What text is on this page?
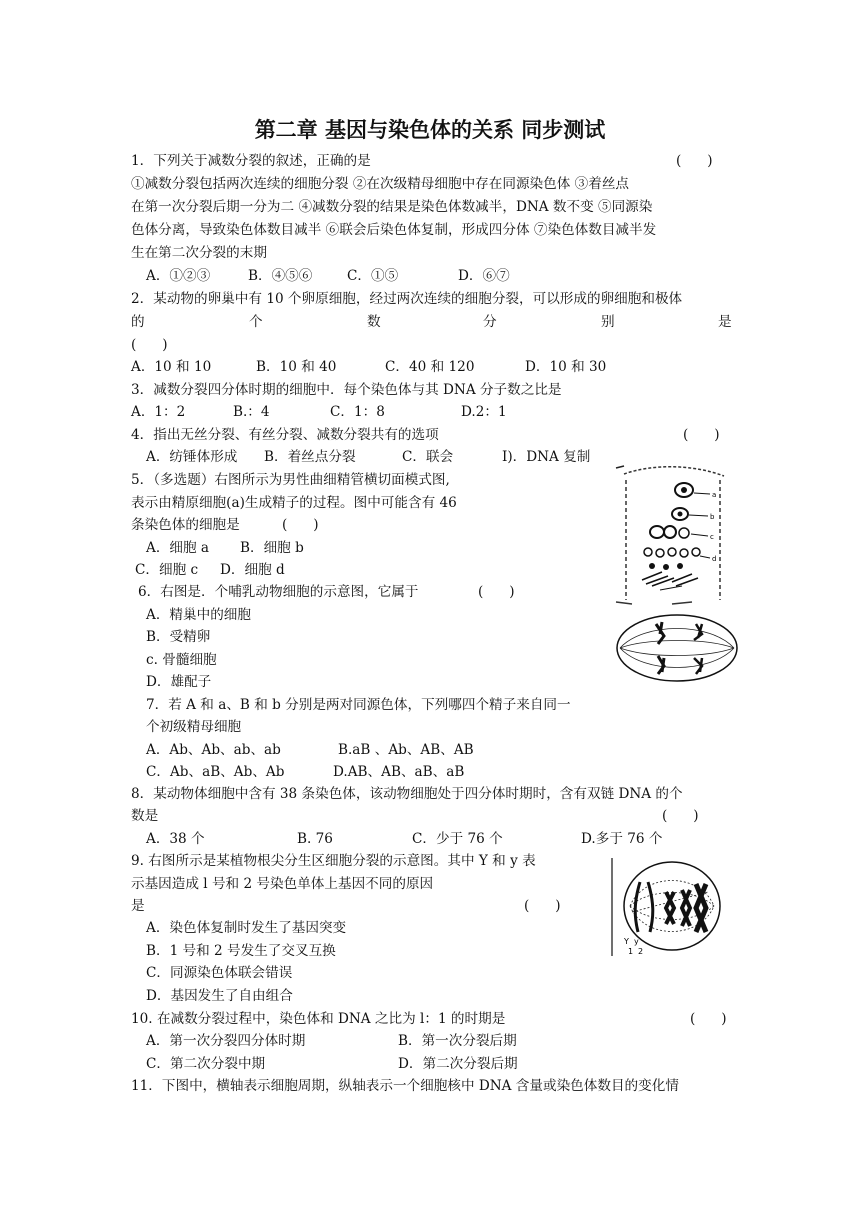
第二章 基因与染色体的关系 同步测试
1．下列关于减数分裂的叙述，正确的是	(      )
①减数分裂包括两次连续的细胞分裂 ②在次级精母细胞中存在同源染色体 ③着丝点
在第一次分裂后期一分为二 ④减数分裂的结果是染色体数减半，DNA 数不变 ⑤同源染
色体分离，导致染色体数目减半 ⑥联会后染色体复制，形成四分体 ⑦染色体数目减半发
生在第二次分裂的末期
A．①②③	B．④⑤⑥	C．①⑤	D．⑥⑦
2．某动物的卵巢中有 10 个卵原细胞，经过两次连续的细胞分裂，可以形成的卵细胞和极体
的	个	数	分	别	是
(      )
A．10 和 10	B．10 和 40	C．40 和 120	D．10 和 30
3．减数分裂四分体时期的细胞中．每个染色体与其 DNA 分子数之比是
A．1：2	B.：4	C．1：8	D.2：1
4．指出无丝分裂、有丝分裂、减数分裂共有的选项	(      )
A．纺锤体形成 B．着丝点分裂	C．联会	I)．DNA 复制
5．（多选题）右图所示为男性曲细精管横切面模式图,
表示由精原细胞(a)生成精子的过程。图中可能含有 46
条染色体的细胞是	(      )
A．细胞 a B．细胞 b
C．细胞 c D．细胞 d
a
b
c
d
6．右图是．个哺乳动物细胞的示意图，它属于	(      )
A．精巢中的细胞
B．受精卵
c. 骨髓细胞
D．雄配子
7．若 A 和 a、B 和 b 分别是两对同源色体，下列哪四个精子来自同一
个初级精母细胞
A．Ab、Ab、ab、ab	B.aB 、Ab、AB、AB
C．Ab、aB、Ab、Ab	D.AB、AB、aB、aB
8．某动物体细胞中含有 38 条染色体，该动物细胞处于四分体时期时，含有双链 DNA 的个
数是	(      )
A．38 个	B. 76	C．少于 76 个	D.多于 76 个
9. 右图所示是某植物根尖分生区细胞分裂的示意图。其中 Y 和 y 表
示基因造成 l 号和 2 号染色单体上基因不同的原因
是	(      )
A．染色体复制时发生了基因突变
B．1 号和 2 号发生了交叉互换
C．同源染色体联会错误
D．基因发生了自由组合
Y y
1 2
10. 在减数分裂过程中，染色体和 DNA 之比为 l：1 的时期是	(      )
A．第一次分裂四分体时期	B．第一次分裂后期
C．第二次分裂中期	D．第二次分裂后期
11．下图中，横轴表示细胞周期，纵轴表示一个细胞核中 DNA 含量或染色体数目的变化情
